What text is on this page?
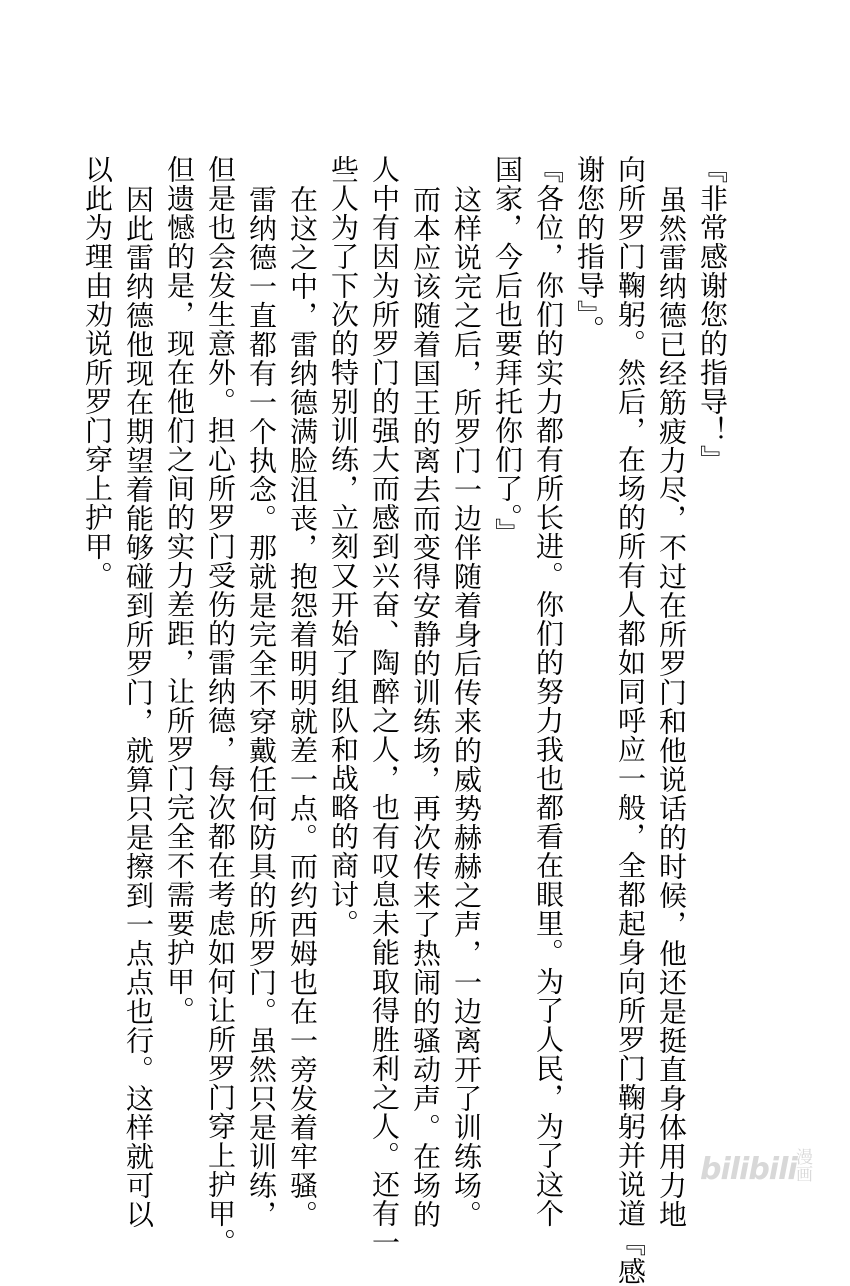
『非常感谢您的指导！』
虽然雷纳德已经筋疲力尽，不过在所罗门和他说话的时候，他还是挺直身体用力地
向所罗门鞠躬。然后，在场的所有人都如同呼应一般，全都起身向所罗门鞠躬并说道『感
谢您的指导』。
『各位，你们的实力都有所长进。你们的努力我也都看在眼里。为了人民，为了这个
国家，今后也要拜托你们了。』
这样说完之后，所罗门一边伴随着身后传来的威势赫赫之声，一边离开了训练场。
而本应该随着国王的离去而变得安静的训练场，再次传来了热闹的骚动声。在场的
人中有因为所罗门的强大而感到兴奋、陶醉之人，也有叹息未能取得胜利之人。还有一
些人为了下次的特别训练，立刻又开始了组队和战略的商讨。
在这之中，雷纳德满脸沮丧，抱怨着明明就差一点。而约西姆也在一旁发着牢骚。
雷纳德一直都有一个执念。那就是完全不穿戴任何防具的所罗门。虽然只是训练，
但是也会发生意外。担心所罗门受伤的雷纳德，每次都在考虑如何让所罗门穿上护甲。
但遗憾的是，现在他们之间的实力差距，让所罗门完全不需要护甲。
因此雷纳德他现在期望着能够碰到所罗门，就算只是擦到一点点也行。这样就可以
以此为理由劝说所罗门穿上护甲。
bilibili
漫画
